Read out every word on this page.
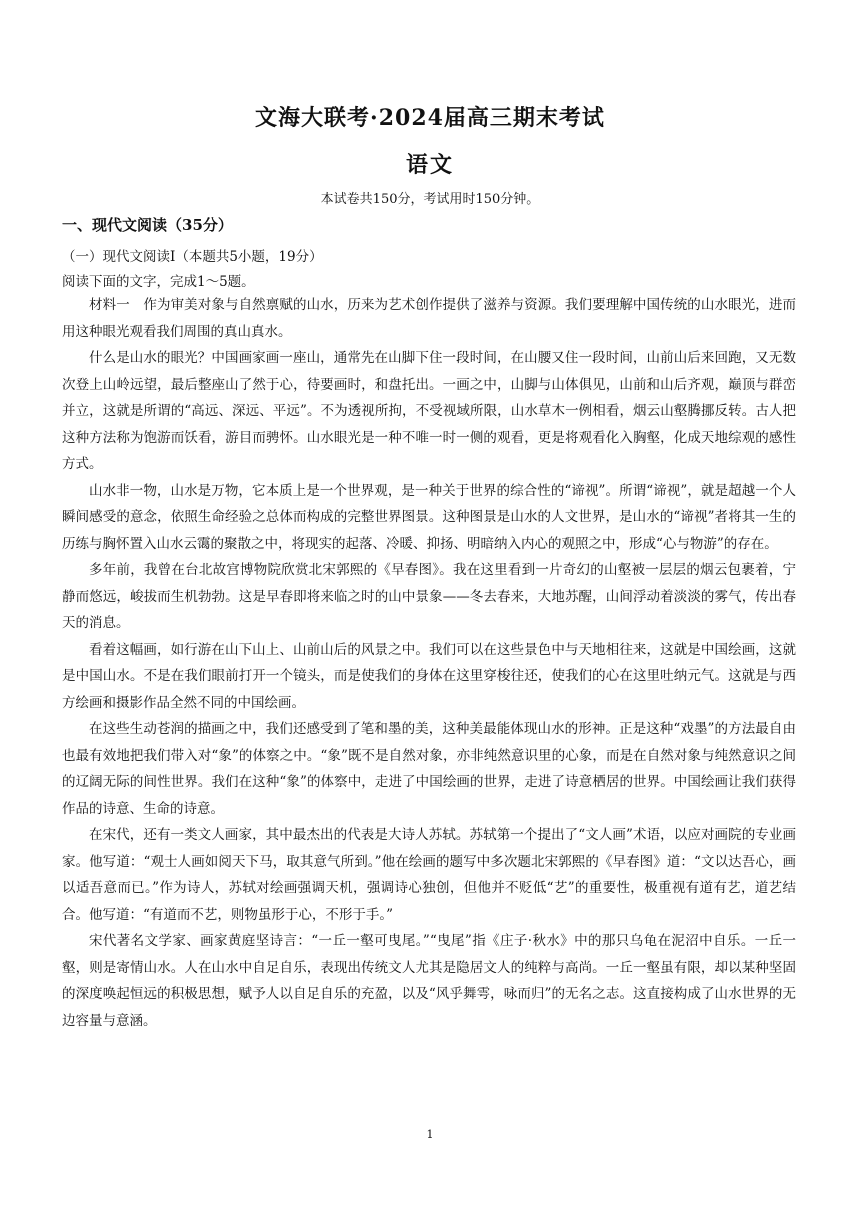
文海大联考·2024届高三期末考试
语文
本试卷共150分，考试用时150分钟。
一、现代文阅读（35分）
（一）现代文阅读Ⅰ（本题共5小题，19分）
阅读下面的文字，完成1～5题。

材料一　作为审美对象与自然禀赋的山水，历来为艺术创作提供了滋养与资源。我们要理解中国传统的山水眼光，进而用这种眼光观看我们周围的真山真水。

什么是山水的眼光？中国画家画一座山，通常先在山脚下住一段时间，在山腰又住一段时间，山前山后来回跑，又无数次登上山岭远望，最后整座山了然于心，待要画时，和盘托出。一画之中，山脚与山体俱见，山前和山后齐观，巅顶与群峦并立，这就是所谓的“高远、深远、平远”。不为透视所拘，不受视域所限，山水草木一例相看，烟云山壑腾挪反转。古人把这种方法称为饱游而饫看，游目而骋怀。山水眼光是一种不唯一时一侧的观看，更是将观看化入胸壑，化成天地综观的感性方式。

山水非一物，山水是万物，它本质上是一个世界观，是一种关于世界的综合性的“谛视”。所谓“谛视”，就是超越一个人瞬间感受的意念，依照生命经验之总体而构成的完整世界图景。这种图景是山水的人文世界，是山水的“谛视”者将其一生的历练与胸怀置入山水云霭的聚散之中，将现实的起落、冷暖、抑扬、明暗纳入内心的观照之中，形成“心与物游”的存在。

多年前，我曾在台北故宫博物院欣赏北宋郭熙的《早春图》。我在这里看到一片奇幻的山壑被一层层的烟云包裹着，宁静而悠远，峻拔而生机勃勃。这是早春即将来临之时的山中景象——冬去春来，大地苏醒，山间浮动着淡淡的雾气，传出春天的消息。

看着这幅画，如行游在山下山上、山前山后的风景之中。我们可以在这些景色中与天地相往来，这就是中国绘画，这就是中国山水。不是在我们眼前打开一个镜头，而是使我们的身体在这里穿梭往还，使我们的心在这里吐纳元气。这就是与西方绘画和摄影作品全然不同的中国绘画。

在这些生动苍润的描画之中，我们还感受到了笔和墨的美，这种美最能体现山水的形神。正是这种“戏墨”的方法最自由也最有效地把我们带入对“象”的体察之中。“象”既不是自然对象，亦非纯然意识里的心象，而是在自然对象与纯然意识之间的辽阔无际的间性世界。我们在这种“象”的体察中，走进了中国绘画的世界，走进了诗意栖居的世界。中国绘画让我们获得作品的诗意、生命的诗意。

在宋代，还有一类文人画家，其中最杰出的代表是大诗人苏轼。苏轼第一个提出了“文人画”术语，以应对画院的专业画家。他写道：“观士人画如阅天下马，取其意气所到。”他在绘画的题写中多次题北宋郭熙的《早春图》道：“文以达吾心，画以适吾意而已。”作为诗人，苏轼对绘画强调天机，强调诗心独创，但他并不贬低“艺”的重要性，极重视有道有艺，道艺结合。他写道：“有道而不艺，则物虽形于心，不形于手。”

宋代著名文学家、画家黄庭坚诗言：“一丘一壑可曳尾。”“曳尾”指《庄子·秋水》中的那只乌龟在泥沼中自乐。一丘一壑，则是寄情山水。人在山水中自足自乐，表现出传统文人尤其是隐居文人的纯粹与高尚。一丘一壑虽有限，却以某种坚固的深度唤起恒远的积极思想，赋予人以自足自乐的充盈，以及“风乎舞雩，咏而归”的无名之志。这直接构成了山水世界的无边容量与意涵。

1
